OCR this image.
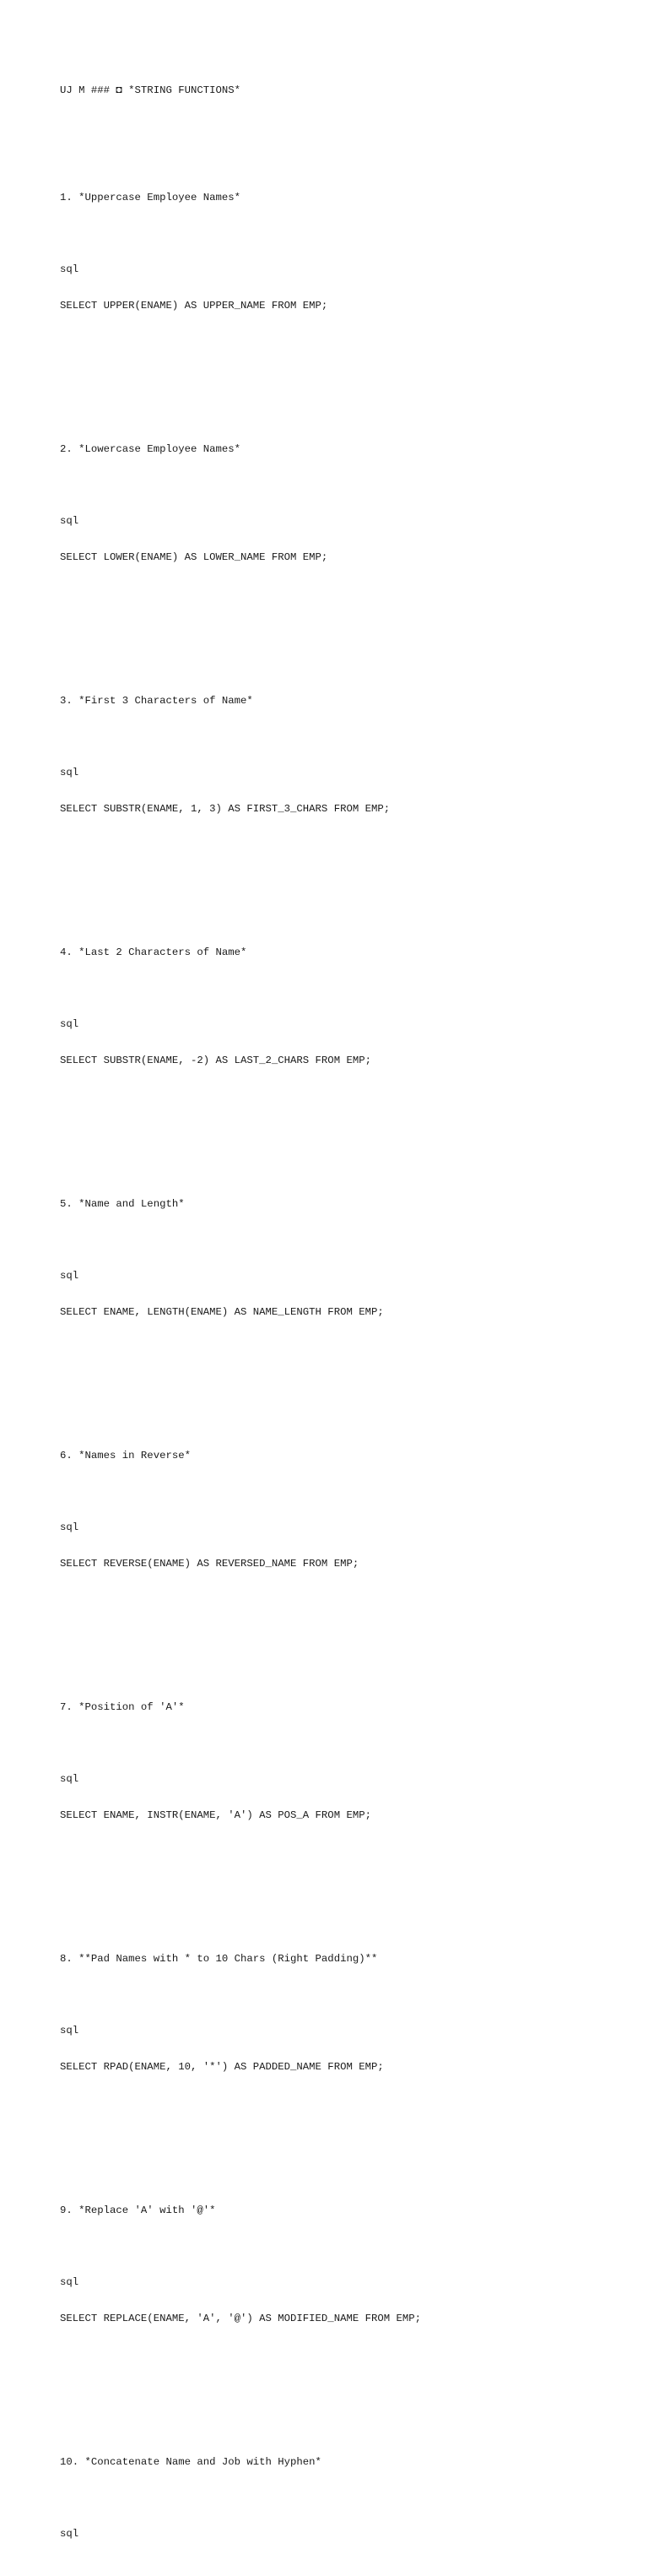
UJ M ### ◘ *STRING FUNCTIONS*

1. *Uppercase Employee Names*

sql

SELECT UPPER(ENAME) AS UPPER_NAME FROM EMP;

2. *Lowercase Employee Names*

sql

SELECT LOWER(ENAME) AS LOWER_NAME FROM EMP;

3. *First 3 Characters of Name*

sql

SELECT SUBSTR(ENAME, 1, 3) AS FIRST_3_CHARS FROM EMP;

4. *Last 2 Characters of Name*

sql

SELECT SUBSTR(ENAME, -2) AS LAST_2_CHARS FROM EMP;

5. *Name and Length*

sql

SELECT ENAME, LENGTH(ENAME) AS NAME_LENGTH FROM EMP;

6. *Names in Reverse*

sql

SELECT REVERSE(ENAME) AS REVERSED_NAME FROM EMP;

7. *Position of 'A'*

sql

SELECT ENAME, INSTR(ENAME, 'A') AS POS_A FROM EMP;

8. **Pad Names with * to 10 Chars (Right Padding)**

sql

SELECT RPAD(ENAME, 10, '*') AS PADDED_NAME FROM EMP;

9. *Replace 'A' with '@'*

sql

SELECT REPLACE(ENAME, 'A', '@') AS MODIFIED_NAME FROM EMP;

10. *Concatenate Name and Job with Hyphen*

sql
